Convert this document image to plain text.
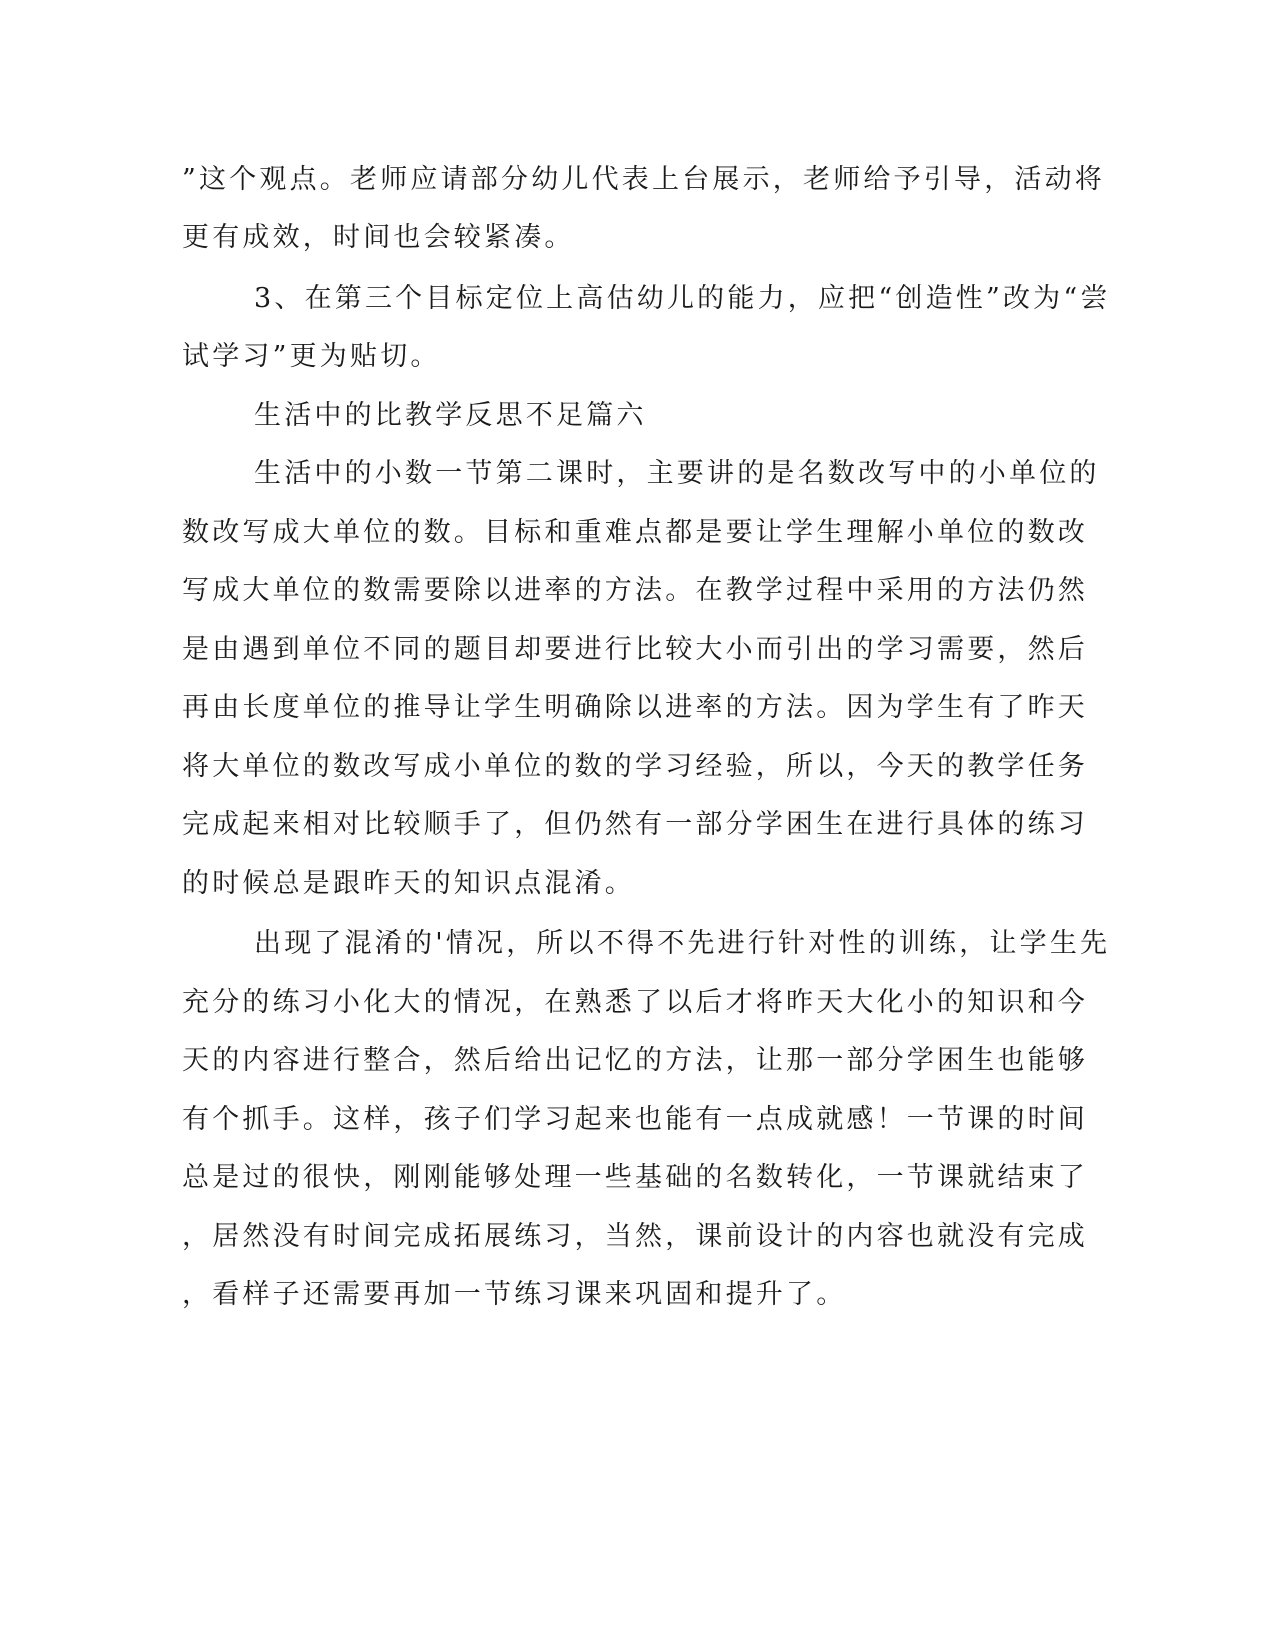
”这个观点。老师应请部分幼儿代表上台展示，老师给予引导，活动将

更有成效，时间也会较紧凑。

3、在第三个目标定位上高估幼儿的能力，应把“创造性”改为“尝

试学习”更为贴切。

生活中的比教学反思不足篇六

生活中的小数一节第二课时，主要讲的是名数改写中的小单位的

数改写成大单位的数。目标和重难点都是要让学生理解小单位的数改

写成大单位的数需要除以进率的方法。在教学过程中采用的方法仍然

是由遇到单位不同的题目却要进行比较大小而引出的学习需要，然后

再由长度单位的推导让学生明确除以进率的方法。因为学生有了昨天

将大单位的数改写成小单位的数的学习经验，所以，今天的教学任务

完成起来相对比较顺手了，但仍然有一部分学困生在进行具体的练习

的时候总是跟昨天的知识点混淆。

出现了混淆的'情况，所以不得不先进行针对性的训练，让学生先

充分的练习小化大的情况，在熟悉了以后才将昨天大化小的知识和今

天的内容进行整合，然后给出记忆的方法，让那一部分学困生也能够

有个抓手。这样，孩子们学习起来也能有一点成就感！一节课的时间

总是过的很快，刚刚能够处理一些基础的名数转化，一节课就结束了

，居然没有时间完成拓展练习，当然，课前设计的内容也就没有完成

，看样子还需要再加一节练习课来巩固和提升了。
